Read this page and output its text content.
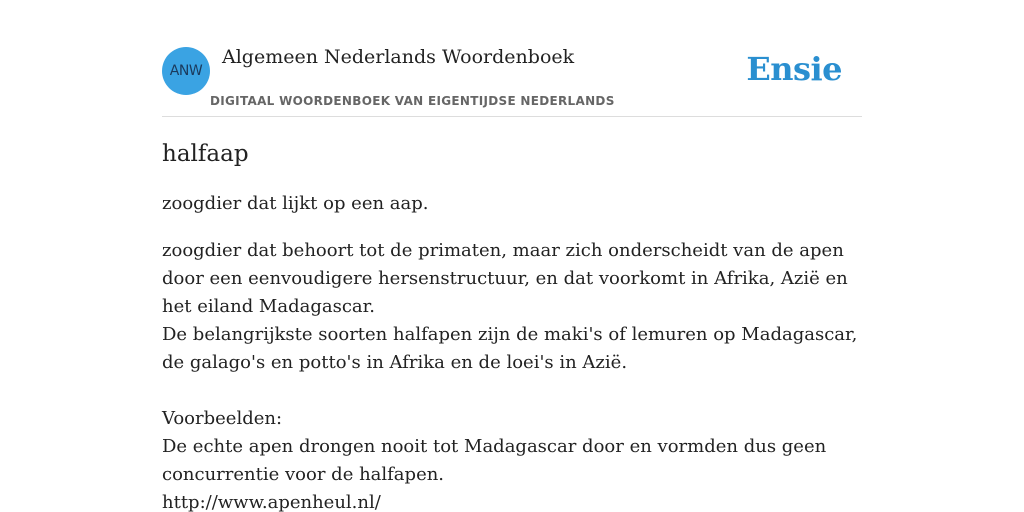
ANW
Algemeen Nederlands Woordenboek
DIGITAAL WOORDENBOEK VAN EIGENTIJDSE NEDERLANDS
Ensie
halfaap

zoogdier dat lijkt op een aap.

zoogdier dat behoort tot de primaten, maar zich onderscheidt van de apen door een eenvoudigere hersenstructuur, en dat voorkomt in Afrika, Azië en het eiland Madagascar.
De belangrijkste soorten halfapen zijn de maki's of lemuren op Madagascar, de galago's en potto's in Afrika en de loei's in Azië.
Voorbeelden:
De echte apen drongen nooit tot Madagascar door en vormden dus geen concurrentie voor de halfapen.
http://www.apenheul.nl/
